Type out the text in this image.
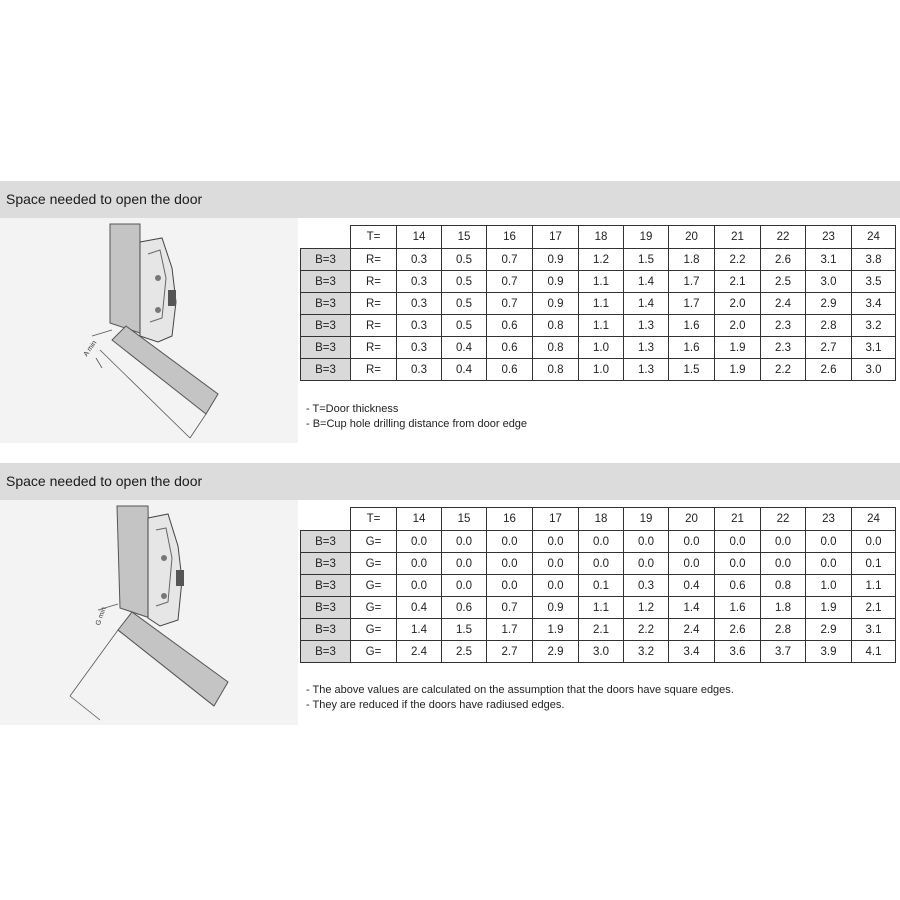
Space needed to open the door
A min
	T=	14	15	16	17	18	19	20	21	22	23	24
B=3	R=	0.3	0.5	0.7	0.9	1.2	1.5	1.8	2.2	2.6	3.1	3.8
B=3	R=	0.3	0.5	0.7	0.9	1.1	1.4	1.7	2.1	2.5	3.0	3.5
B=3	R=	0.3	0.5	0.7	0.9	1.1	1.4	1.7	2.0	2.4	2.9	3.4
B=3	R=	0.3	0.5	0.6	0.8	1.1	1.3	1.6	2.0	2.3	2.8	3.2
B=3	R=	0.3	0.4	0.6	0.8	1.0	1.3	1.6	1.9	2.3	2.7	3.1
B=3	R=	0.3	0.4	0.6	0.8	1.0	1.3	1.5	1.9	2.2	2.6	3.0
- T=Door thickness
- B=Cup hole drilling distance from door edge
Space needed to open the door
G min
	T=	14	15	16	17	18	19	20	21	22	23	24
B=3	G=	0.0	0.0	0.0	0.0	0.0	0.0	0.0	0.0	0.0	0.0	0.0
B=3	G=	0.0	0.0	0.0	0.0	0.0	0.0	0.0	0.0	0.0	0.0	0.1
B=3	G=	0.0	0.0	0.0	0.0	0.1	0.3	0.4	0.6	0.8	1.0	1.1
B=3	G=	0.4	0.6	0.7	0.9	1.1	1.2	1.4	1.6	1.8	1.9	2.1
B=3	G=	1.4	1.5	1.7	1.9	2.1	2.2	2.4	2.6	2.8	2.9	3.1
B=3	G=	2.4	2.5	2.7	2.9	3.0	3.2	3.4	3.6	3.7	3.9	4.1
- The above values are calculated on the assumption that the doors have square edges.
- They are reduced if the doors have radiused edges.
